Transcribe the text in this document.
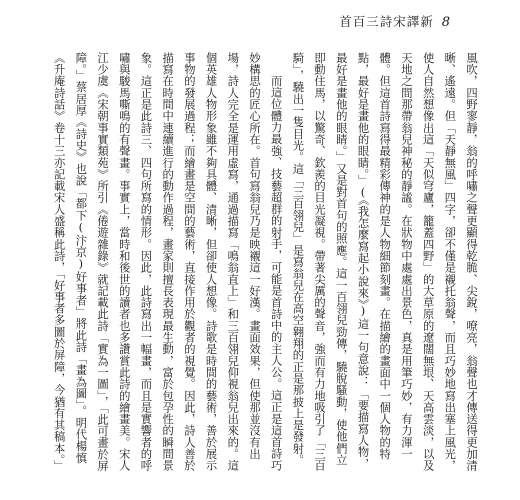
首百三詩宋譯新 8

風吹，四野寥靜，翁的呼嘯之聲更顯得乾脆、尖銳，嘹亮，翁聲也才傳送得更加清晰、遙遠。但「天靜無風」四字，卻不僅是襯托翁聲，而且巧妙地寫出塞上風光，使人自然想像出這「天似穹廬，籠蓋四野」的大草原的遼闊無垠、天高雲淡，以及天地之間那帶翁兒神秘的靜謐。在狀物中處處出景色，真是用筆巧妙，有力渾一體。但這首詩寫得最精彩傳神的是人物細節刻畫。在描繪的畫面中一個人物的特點，最好是畫他的眼睛。」(《我怎麼寫起小說來》)這一句意說：「要描寫人物，最好是畫他的眼睛。」又是對首句的照應。這一百翎兒勁傳，驍脫騷動，使他們立即動住馬，以驚奇、欽羨的目光凝視。帶著尖厲的聲音，強而有力地吸引了「三百騎」，驍出一隻目光。這「三百翎兒」是寫翁兒在高空翱翔的正是那披上是發射。

而這位體力最強、技藝超群的射手，可能是首詩中的主人公。這正是這首詩巧妙構思的匠心所在。首句寫翁兒乃是映襯這一好漢。畫面效果，但使那並沒有出場，詩人完全是運用虛寫，通過描寫「鳴翁直上」和三百翎兒仰視翁兒出來的。這個英雄人物形象雖不夠具體、清晰，但卻使人想像。詩歌是時間的藝術，善於展示事物的發展過程；而繪畫是空間的藝術，直接作用於觀者的視覺。因此，詩人善於描寫在時間中連續進行的動作過程，畫家則擅長表現最生動，富於包孕性的瞬間景象。這正是此詩三、四句所寫的情形。因此，此詩寫出一幅畫，而且是實響者的呼嘯與駿馬嘶鳴的有聲畫。事實上，當時和後世的讀者也多讚賞此詩的繪畫美。宋人江少虞《宋朝事實類苑》所引《倦遊雜錄》就記載此詩「實為一圖」，「此可畫於屏障。」蔡居厚《詩史》也說「都下(汴京)好事者」將此詩「畫為圖」。明代楊慎《升庵詩話》卷十三亦記載宋人盛稱此詩，「好事者多圖於屏障，今猶有其稿本。」
